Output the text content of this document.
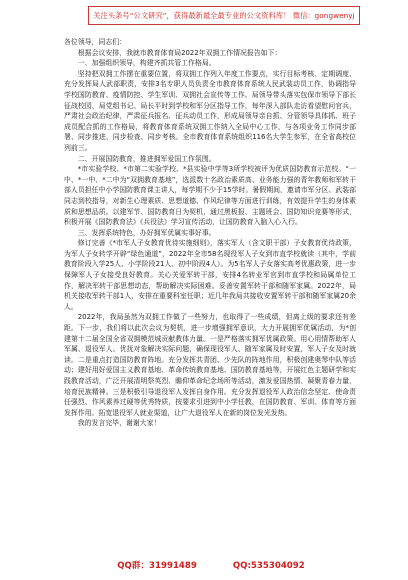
关注头条号“公文研究”，获得最新最全最专业的公文资料库！ 微信：gongwenyj

各位领导，同志们：

根据会议安排，我就市教育体育局2022年双拥工作情况报告如下：

一、加强组织领导，构建齐抓共管工作格局。

坚持把双拥工作摆在重要位置，将双拥工作列入年度工作要点，实行目标考核、定期调度、充分发挥局人武部职责，安排3名专职人员负责全市教育体育系统人民武装动员工作，协调指导学校国防教育、疫情防控、学生军训、双拥社会宣传等工作。局领导带头落实包保市领导下部长征战校园，局党组书记、局长平时到学校和军分区指导工作，每年深入部队走访看望慰问官兵，严肃社会政治纪律，严肃征兵报名、征兵动员工作，形成局领导亲自抓、分管领导具体抓、班子成员配合抓的工作格局，将教育体育系统双拥工作纳入全局中心工作，与各项业务工作同步部署、同步推进、同步检查、同步考核。全市教育体育系统组织116名大学生参军，在全省高校位列前三。

二、开展国防教育，推进拥军爱国工作氛围。

*市实验学校、*市第二实验学校、*县实验中学等3所学校被评为优质国防教育示范校。“一中、*一中、*二中为“双拥教育基地”，选派数十名政治素质高、业务能力强的青年教师和军转干部人员担任中小学国防教育课主讲人，每学期不少于15学时。暑假期间，邀请市军分区、武装部同志到校指导，对新生心理素质、思想道德、作风纪律等方面进行训练，有效提升学生的身体素质和思想品质。以建军节、国防教育日为契机，通过黑板报、主题班会、国防知识竞赛等形式，积极开展《国防教育法》《兵役法》学习宣传活动，让国防教育入脑入心入行。

三、发挥系统特色，办好拥军优属实事好事。

修订完善《*市军人子女教育优待实施细则》，落实军人（含文职干部）子女教育优待政策，为军人子女转学开辟“绿色通道”，2022年全市58名现役军人子女到市直学校就读（其中，学前教育阶段入学25人、小学阶段21人、初中阶段4人）。为5名军人子女落实高考优惠政策，进一步保障军人子女接受良好教育。关心关爱军转干部，安排4名转业军官到市直学校和局属单位工作，解决军转干部思想动态，帮助解决实际困难。妥善安置军转干部和随军家属。2022年，局机关接收军转干部1人，安排在重要科室任职；近几年我局共接收安置军转干部和随军家属20余人。

2022年，我局虽然为双拥工作做了一些努力，也取得了一些成绩，但离上级的要求还有差距。下一步，我们将以此次会议为契机，进一步增强拥军意识，大力开展拥军优属活动，为*创建第十二届全国全省双拥模范城贡献教体力量。一是严格落实拥军优属政策。用心用情帮助军人军属、退役军人、优抚对象解决实际问题，确保现役军人、随军家属及时安置，军人子女及时就读。二是重点打造国防教育阵地。充分发挥共青团、少先队的阵地作用，积极创建奥琴中队等活动；建好用好爱国主义教育基地、革命传统教育基地、国防教育基地等，开展红色主题研学和实践教育活动，广泛开展清明祭英烈、瞻仰革命纪念场所等活动，激发爱国热情、凝聚青春力量，培育民族精神。三是积极引导退役军人发挥自身作用。充分发挥退役军人政治信念坚定、使命责任强烈、作风素养过硬等优秀特质，按要求引进到中小学任教，在国防教育、军训、体育等方面发挥作用。拓宽退役军人就业渠道，让广大退役军人在新的岗位发光发热。

我的发言完毕，谢谢大家！

QQ群：31991489	QQ:535304092
